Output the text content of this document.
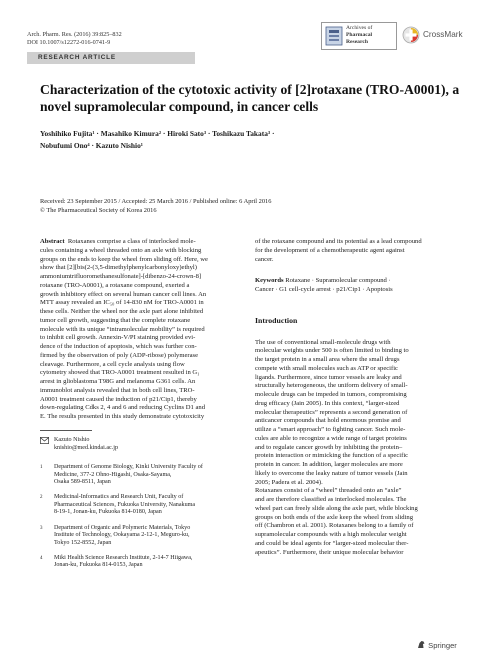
Arch. Pharm. Res. (2016) 39:825–832
DOI 10.1007/s12272-016-0741-9
Archives of
Pharmacal
Research
CrossMark
RESEARCH ARTICLE
Characterization of the cytotoxic activity of [2]rotaxane (TRO-A0001), a novel supramolecular compound, in cancer cells
Yoshihiko Fujita¹ · Masahiko Kimura² · Hiroki Sato³ · Toshikazu Takata³ ·
Nobufumi Ono⁴ · Kazuto Nishio¹
Received: 23 September 2015 / Accepted: 25 March 2016 / Published online: 6 April 2016
© The Pharmaceutical Society of Korea 2016
Abstract  Rotaxanes comprise a class of interlocked mole-
cules containing a wheel threaded onto an axle with blocking
groups on the ends to keep the wheel from sliding off. Here, we
show that [2][bis(2-(3,5-dimethylphenylcarbonyloxy)ethyl)
ammoniumtrifluoromethanesulfonate]-[dibenzo-24-crown-8]
rotaxane (TRO-A0001), a rotaxane compound, exerted a
growth inhibitory effect on several human cancer cell lines. An
MTT assay revealed an IC₅₀ of 14-830 nM for TRO-A0001 in
these cells. Neither the wheel nor the axle part alone inhibited
tumor cell growth, suggesting that the complete rotaxane
molecule with its unique “intramolecular mobility” is required
to inhibit cell growth. Annexin-V/PI staining provided evi-
dence of the induction of apoptosis, which was further con-
firmed by the observation of poly (ADP-ribose) polymerase
cleavage. Furthermore, a cell cycle analysis using flow
cytometry showed that TRO-A0001 treatment resulted in G₁
arrest in glioblastoma T98G and melanoma G361 cells. An
immunoblot analysis revealed that in both cell lines, TRO-
A0001 treatment caused the induction of p21/Cip1, thereby
down-regulating Cdks 2, 4 and 6 and reducing Cyclins D1 and
E. The results presented in this study demonstrate cytotoxicity
Kazuto Nishio
knishio@med.kindai.ac.jp
1 Department of Genome Biology, Kinki University Faculty of
Medicine, 377-2 Ohno-Higashi, Osaka-Sayama,
Osaka 589-8511, Japan
2 Medicinal-Informatics and Research Unit, Faculty of
Pharmaceutical Sciences, Fukuoka University, Nanakuma
8-19-1, Jonan-ku, Fukuoka 814-0180, Japan
3 Department of Organic and Polymeric Materials, Tokyo
Institute of Technology, Ookayama 2-12-1, Meguro-ku,
Tokyo 152-8552, Japan
4 Miki Health Science Research Institute, 2-14-7 Hiigawa,
Jonan-ku, Fukuoka 814-0153, Japan
of the rotaxane compound and its potential as a lead compound
for the development of a chemotherapeutic agent against
cancer.
Keywords Rotaxane · Supramolecular compound ·
Cancer · G1 cell-cycle arrest · p21/Cip1 · Apoptosis
Introduction
The use of conventional small-molecule drugs with
molecular weights under 500 is often limited to binding to
the target protein in a small area where the small drugs
compete with small molecules such as ATP or specific
ligands. Furthermore, since tumor vessels are leaky and
structurally heterogeneous, the uniform delivery of small-
molecule drugs can be impeded in tumors, compromising
drug efficacy (Jain 2005). In this context, “larger-sized
molecular therapeutics” represents a second generation of
anticancer compounds that hold enormous promise and
utilize a “smart approach” to fighting cancer. Such mole-
cules are able to recognize a wide range of target proteins
and to regulate cancer growth by inhibiting the protein–
protein interaction or mimicking the function of a specific
protein in cancer. In addition, larger molecules are more
likely to overcome the leaky nature of tumor vessels (Jain
2005; Padera et al. 2004).
Rotaxanes consist of a “wheel” threaded onto an “axle”
and are therefore classified as interlocked molecules. The
wheel part can freely slide along the axle part, while blocking
groups on both ends of the axle keep the wheel from sliding
off (Chambron et al. 2001). Rotaxanes belong to a family of
supramolecular compounds with a high molecular weight
and could be ideal agents for “larger-sized molecular ther-
apeutics”. Furthermore, their unique molecular behavior
Springer
